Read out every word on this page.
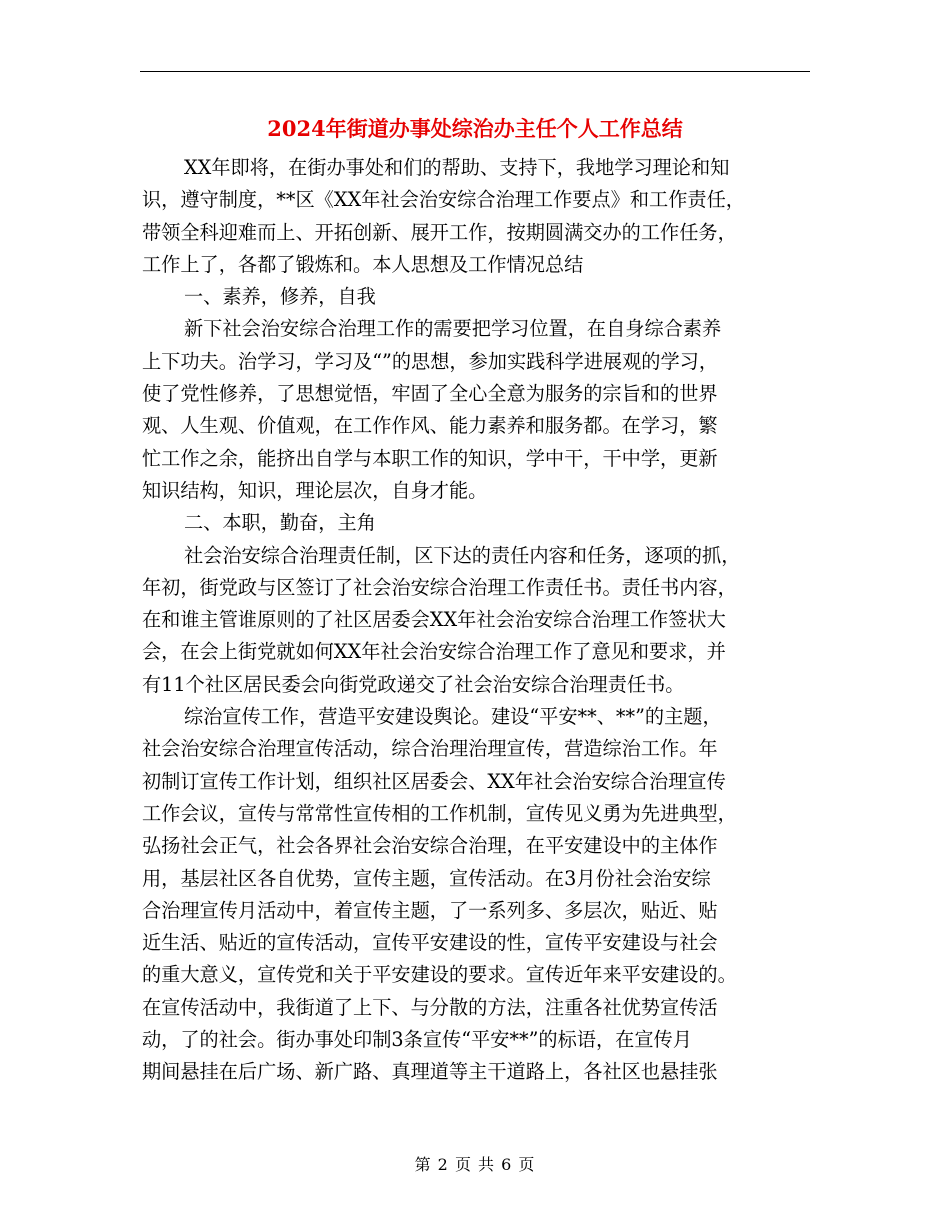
2024年街道办事处综治办主任个人工作总结
XX年即将，在街办事处和们的帮助、支持下，我地学习理论和知
识，遵守制度，**区《XX年社会治安综合治理工作要点》和工作责任，
带领全科迎难而上、开拓创新、展开工作，按期圆满交办的工作任务，
工作上了，各都了锻炼和。本人思想及工作情况总结
一、素养，修养，自我
新下社会治安综合治理工作的需要把学习位置，在自身综合素养
上下功夫。治学习，学习及“”的思想，参加实践科学进展观的学习，
使了党性修养，了思想觉悟，牢固了全心全意为服务的宗旨和的世界
观、人生观、价值观，在工作作风、能力素养和服务都。在学习，繁
忙工作之余，能挤出自学与本职工作的知识，学中干，干中学，更新
知识结构，知识，理论层次，自身才能。
二、本职，勤奋，主角
社会治安综合治理责任制，区下达的责任内容和任务，逐项的抓，
年初，街党政与区签订了社会治安综合治理工作责任书。责任书内容，
在和谁主管谁原则的了社区居委会XX年社会治安综合治理工作签状大
会，在会上街党就如何XX年社会治安综合治理工作了意见和要求，并
有11个社区居民委会向街党政递交了社会治安综合治理责任书。
综治宣传工作，营造平安建设舆论。建设“平安**、**”的主题，
社会治安综合治理宣传活动，综合治理治理宣传，营造综治工作。年
初制订宣传工作计划，组织社区居委会、XX年社会治安综合治理宣传
工作会议，宣传与常常性宣传相的工作机制，宣传见义勇为先进典型，
弘扬社会正气，社会各界社会治安综合治理，在平安建设中的主体作
用，基层社区各自优势，宣传主题，宣传活动。在3月份社会治安综
合治理宣传月活动中，着宣传主题，了一系列多、多层次，贴近、贴
近生活、贴近的宣传活动，宣传平安建设的性，宣传平安建设与社会
的重大意义，宣传党和关于平安建设的要求。宣传近年来平安建设的。
在宣传活动中，我街道了上下、与分散的方法，注重各社优势宣传活
动，了的社会。街办事处印制3条宣传“平安**”的标语，在宣传月
期间悬挂在后广场、新广路、真理道等主干道路上，各社区也悬挂张
第 2 页 共 6 页
